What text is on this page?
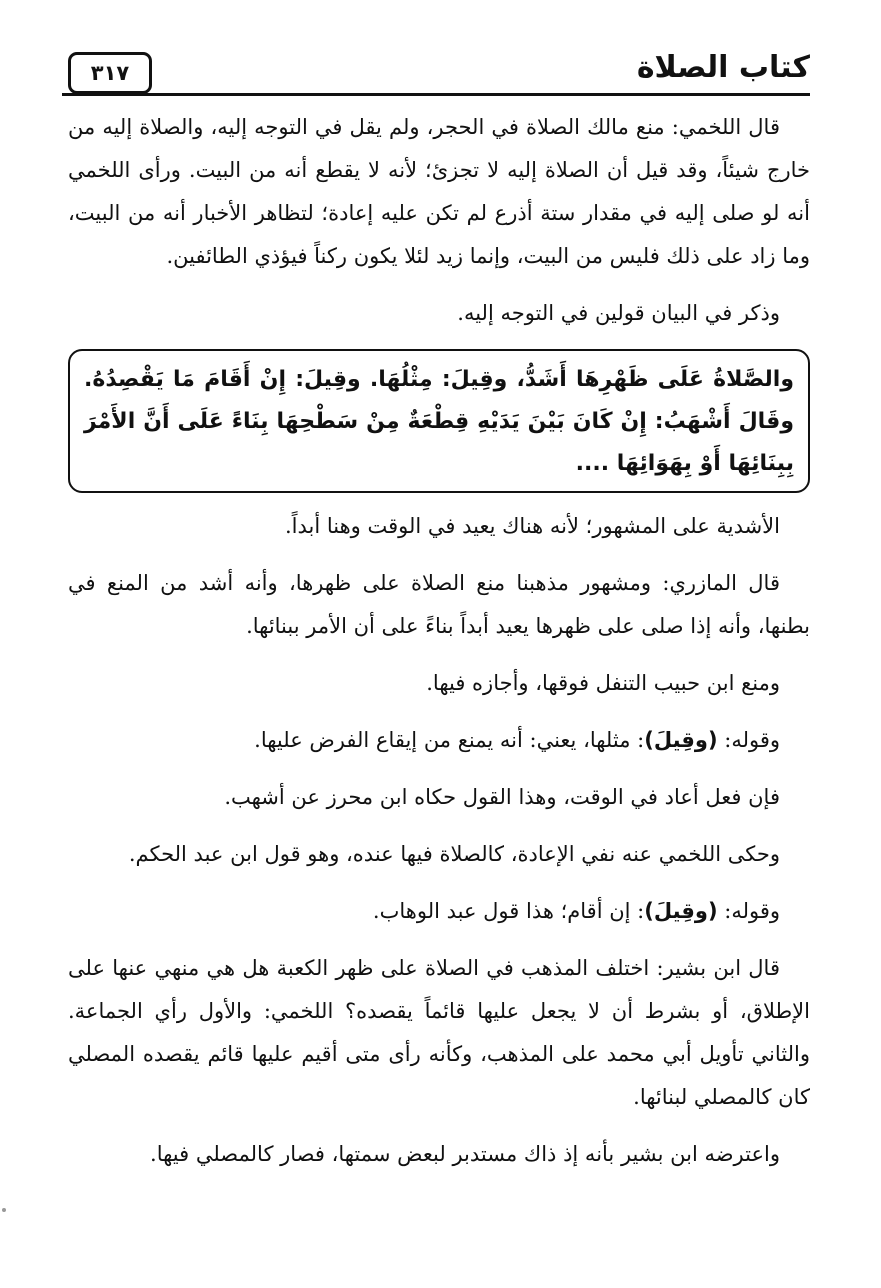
٣١٧	كتاب الصلاة

قال اللخمي: منع مالك الصلاة في الحجر، ولم يقل في التوجه إليه، والصلاة إليه من خارج شيئاً، وقد قيل أن الصلاة إليه لا تجزئ؛ لأنه لا يقطع أنه من البيت. ورأى اللخمي أنه لو صلى إليه في مقدار ستة أذرع لم تكن عليه إعادة؛ لتظاهر الأخبار أنه من البيت، وما زاد على ذلك فليس من البيت، وإنما زيد لئلا يكون ركناً فيؤذي الطائفين.

وذكر في البيان قولين في التوجه إليه.

والصَّلاةُ عَلَى ظَهْرِهَا أَشَدُّ، وقِيلَ: مِثْلُهَا. وقِيلَ: إِنْ أَقَامَ مَا يَقْصِدُهُ. وقَالَ أَشْهَبُ: إِنْ كَانَ بَيْنَ يَدَيْهِ قِطْعَةٌ مِنْ سَطْحِهَا بِنَاءً عَلَى أَنَّ الأَمْرَ بِبِنَائِهَا أَوْ بِهَوَائِهَا ....

الأشدية على المشهور؛ لأنه هناك يعيد في الوقت وهنا أبداً.

قال المازري: ومشهور مذهبنا منع الصلاة على ظهرها، وأنه أشد من المنع في بطنها، وأنه إذا صلى على ظهرها يعيد أبداً بناءً على أن الأمر ببنائها.

ومنع ابن حبيب التنفل فوقها، وأجازه فيها.

وقوله: (وقِيلَ): مثلها، يعني: أنه يمنع من إيقاع الفرض عليها.

فإن فعل أعاد في الوقت، وهذا القول حكاه ابن محرز عن أشهب.

وحكى اللخمي عنه نفي الإعادة، كالصلاة فيها عنده، وهو قول ابن عبد الحكم.

وقوله: (وقِيلَ): إن أقام؛ هذا قول عبد الوهاب.

قال ابن بشير: اختلف المذهب في الصلاة على ظهر الكعبة هل هي منهي عنها على الإطلاق، أو بشرط أن لا يجعل عليها قائماً يقصده؟ اللخمي: والأول رأي الجماعة. والثاني تأويل أبي محمد على المذهب، وكأنه رأى متى أقيم عليها قائم يقصده المصلي كان كالمصلي لبنائها.

واعترضه ابن بشير بأنه إذ ذاك مستدبر لبعض سمتها، فصار كالمصلي فيها.
